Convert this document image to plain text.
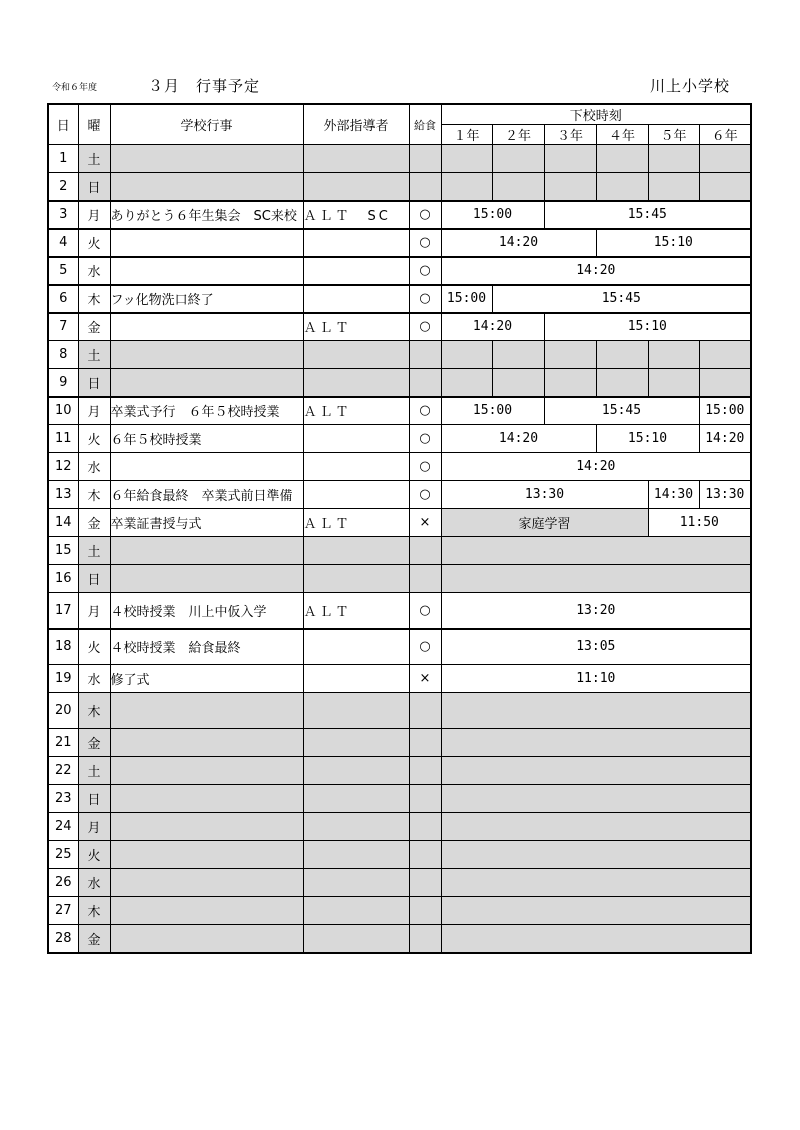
令和６年度	３月　行事予定	川上小学校
日	曜	学校行事	外部指導者	給食	下校時刻					
					１年	２年	３年	４年	５年	６年
1	土									
2	日									
3	月	ありがとう６年生集会　SC来校	ＡＬＴ　SC	○	15:00		15:45			
4	火			○	14:20			15:10		
5	水			○	14:20					
6	木	フッ化物洗口終了		○	15:00	15:45				
7	金		ＡＬＴ	○	14:20		15:10			
8	土									
9	日									
10	月	卒業式予行　６年５校時授業	ＡＬＴ	○	15:00		15:45			15:00
11	火	６年５校時授業		○	14:20			15:10		14:20
12	水			○	14:20					
13	木	６年給食最終　卒業式前日準備		○	13:30				14:30	13:30
14	金	卒業証書授与式	ＡＬＴ	×	家庭学習				11:50	
15	土									
16	日									
17	月	４校時授業　川上中仮入学	ＡＬＴ	○	13:20					
18	火	４校時授業　給食最終		○	13:05					
19	水	修了式		×	11:10					
20	木									
21	金									
22	土									
23	日									
24	月									
25	火									
26	水									
27	木									
28	金									
